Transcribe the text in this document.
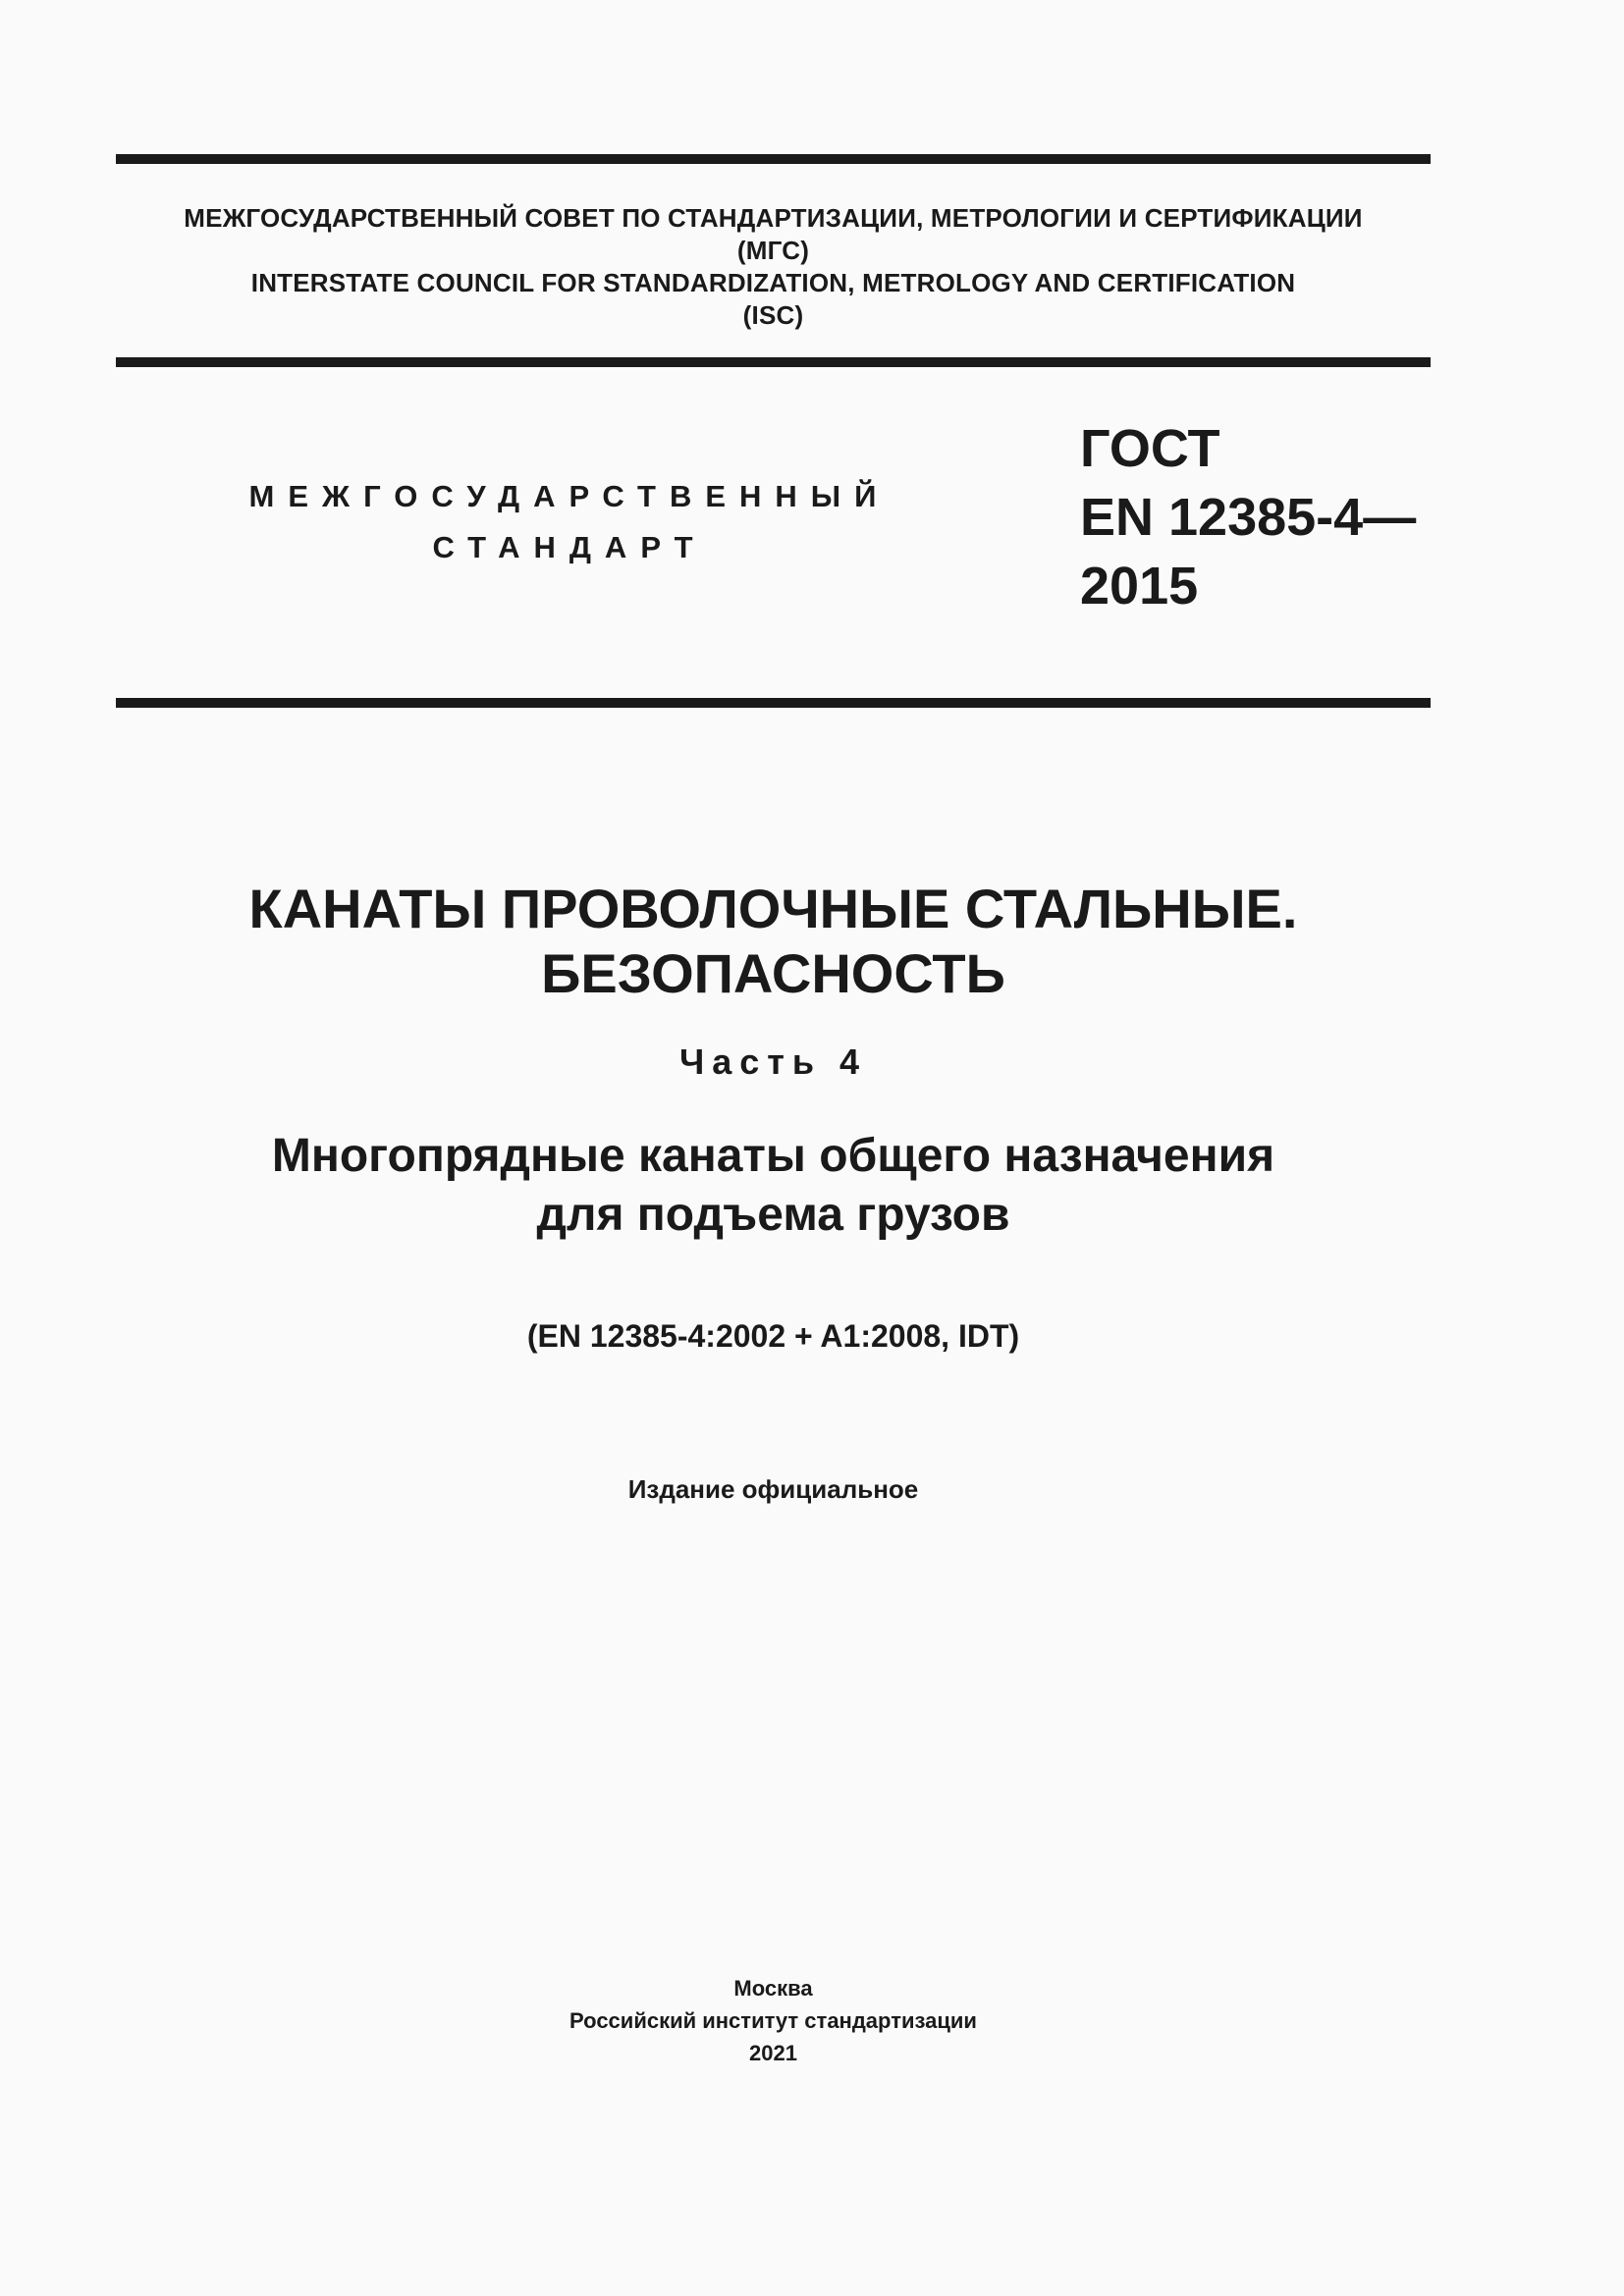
МЕЖГОСУДАРСТВЕННЫЙ СОВЕТ ПО СТАНДАРТИЗАЦИИ, МЕТРОЛОГИИ И СЕРТИФИКАЦИИ
(МГС)
INTERSTATE COUNCIL FOR STANDARDIZATION, METROLOGY AND CERTIFICATION
(ISC)
МЕЖГОСУДАРСТВЕННЫЙ
СТАНДАРТ
ГОСТ
EN 12385-4—
2015
КАНАТЫ ПРОВОЛОЧНЫЕ СТАЛЬНЫЕ.
БЕЗОПАСНОСТЬ
Часть 4
Многопрядные канаты общего назначения
для подъема грузов
(EN 12385-4:2002 + A1:2008, IDT)
Издание официальное
Москва
Российский институт стандартизации
2021
